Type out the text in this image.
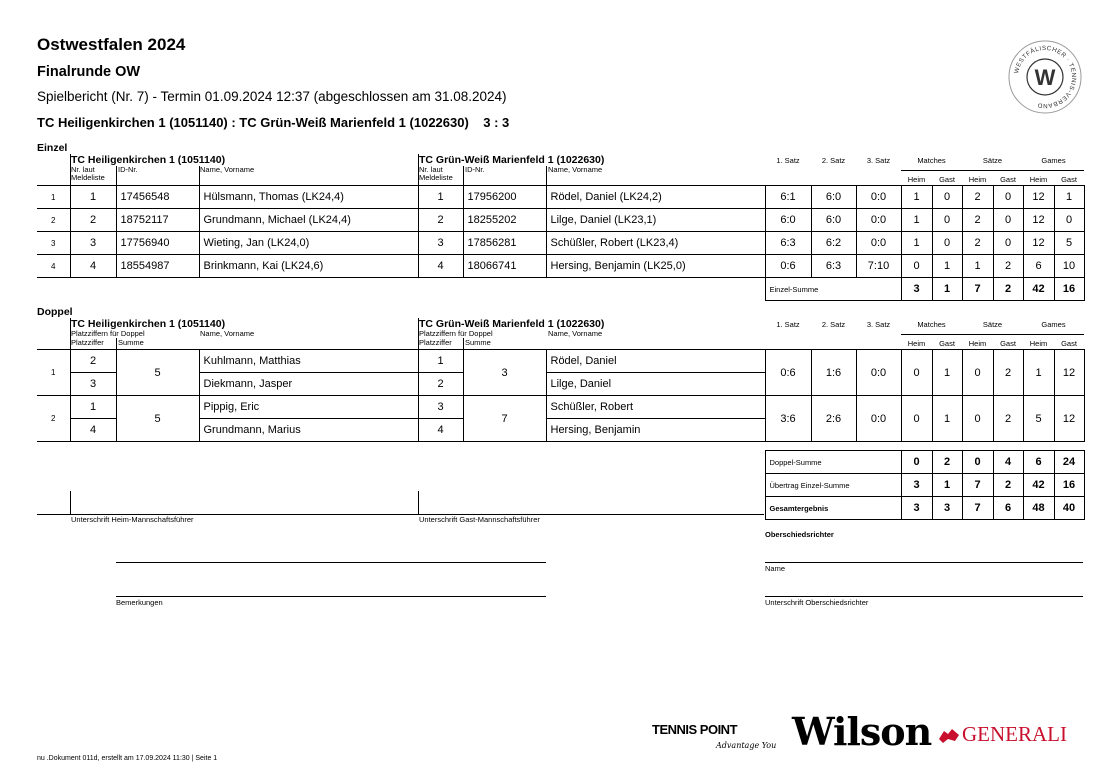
Ostwestfalen 2024
Finalrunde OW
Spielbericht (Nr. 7) - Termin 01.09.2024 12:37 (abgeschlossen am 31.08.2024)
TC Heiligenkirchen 1 (1051140) : TC Grün-Weiß Marienfeld 1 (1022630)    3 : 3
WESTFÄLISCHER · TENNIS-VERBAND
W
Einzel
TC Heiligenkirchen 1 (1051140)	TC Grün-Weiß Marienfeld 1 (1022630)
Nr. laut
Meldeliste
ID-Nr.	Name, Vorname	Nr. laut
Meldeliste
ID-Nr.	Name, Vorname
1. Satz	2. Satz	3. Satz	Matches	Sätze	Games
Heim	Gast	Heim	Gast	Heim	Gast
1	1	17456548	Hülsmann, Thomas (LK24,4)	1	17956200	Rödel, Daniel (LK24,2)	6:1	6:0	0:0	1	0	2	0	12	1
2	2	18752117	Grundmann, Michael (LK24,4)	2	18255202	Lilge, Daniel (LK23,1)	6:0	6:0	0:0	1	0	2	0	12	0
3	3	17756940	Wieting, Jan (LK24,0)	3	17856281	Schüßler, Robert (LK23,4)	6:3	6:2	0:0	1	0	2	0	12	5
4	4	18554987	Brinkmann, Kai (LK24,6)	4	18066741	Hersing, Benjamin (LK25,0)	0:6	6:3	7:10	0	1	1	2	6	10
							Einzel-Summe			3	1	7	2	42	16
Doppel
TC Heiligenkirchen 1 (1051140)	TC Grün-Weiß Marienfeld 1 (1022630)
Platzziffern für Doppel
Platzziffer Summe
Name, Vorname	Platzziffern für Doppel
Platzziffer Summe
Name, Vorname
1. Satz	2. Satz	3. Satz	Matches	Sätze	Games
Heim	Gast	Heim	Gast	Heim	Gast
1	2	5	Kuhlmann, Matthias	1	3	Rödel, Daniel	0:6	1:6	0:0	0	1	0	2	1	12
	3		Diekmann, Jasper	2		Lilge, Daniel									
2	1	5	Pippig, Eric	3	7	Schüßler, Robert	3:6	2:6	0:0	0	1	0	2	5	12
	4		Grundmann, Marius	4		Hersing, Benjamin									

							Doppel-Summe			0	2	0	4	6	24
							Übertrag Einzel-Summe			3	1	7	2	42	16
							Gesamtergebnis			3	3	7	6	48	40
Unterschrift Heim-Mannschaftsführer	Unterschrift Gast-Mannschaftsführer
Oberschiedsrichter
Name
Bemerkungen	Unterschrift Oberschiedsrichter
TENNIS POINT
Advantage You Wilson GENERALI
nu .Dokument 011d, erstellt am 17.09.2024 11:30 | Seite 1
